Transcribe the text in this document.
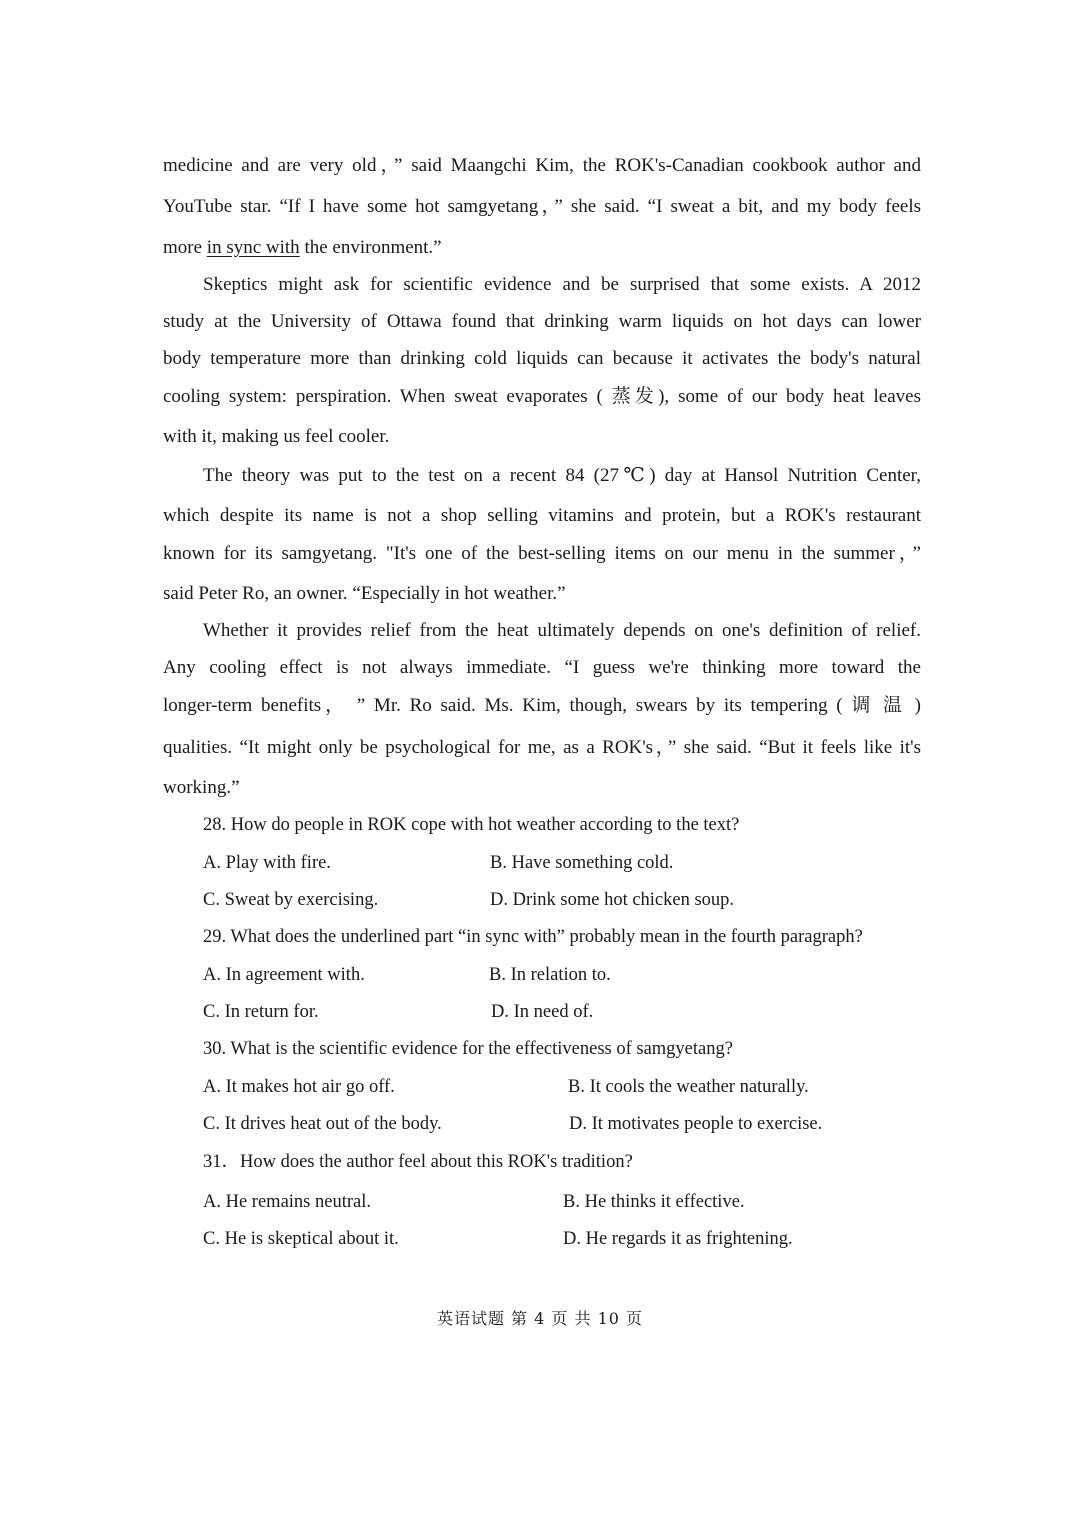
medicine and are very old，” said Maangchi Kim, the ROK's-Canadian cookbook author and
YouTube star. “If I have some hot samgyetang，” she said. “I sweat a bit, and my body feels
more in sync with the environment.”
Skeptics might ask for scientific evidence and be surprised that some exists. A 2012
study at the University of Ottawa found that drinking warm liquids on hot days can lower
body temperature more than drinking cold liquids can because it activates the body's natural
cooling system: perspiration. When sweat evaporates ( 蒸发), some of our body heat leaves
with it, making us feel cooler.
The theory was put to the test on a recent 84 (27℃) day at Hansol Nutrition Center,
which despite its name is not a shop selling vitamins and protein, but a ROK's restaurant
known for its samgyetang. "It's one of the best-selling items on our menu in the summer，”
said Peter Ro, an owner. “Especially in hot weather.”
Whether it provides relief from the heat ultimately depends on one's definition of relief.
Any cooling effect is not always immediate. “I guess we're thinking more toward the
longer-term benefits， ” Mr. Ro said. Ms. Kim, though, swears by its tempering ( 调 温 )
qualities. “It might only be psychological for me, as a ROK's，” she said. “But it feels like it's
working.”
28. How do people in ROK cope with hot weather according to the text?
A. Play with fire.	B. Have something cold.
C. Sweat by exercising.	D. Drink some hot chicken soup.
29. What does the underlined part “in sync with” probably mean in the fourth paragraph?
A. In agreement with.	B. In relation to.
C. In return for.	D. In need of.
30. What is the scientific evidence for the effectiveness of samgyetang?
A. It makes hot air go off.	B. It cools the weather naturally.
C. It drives heat out of the body.	D. It motivates people to exercise.
31．How does the author feel about this ROK's tradition?
A. He remains neutral.	B. He thinks it effective.
C. He is skeptical about it.	D. He regards it as frightening.
英语试题 第 4 页 共 10 页
